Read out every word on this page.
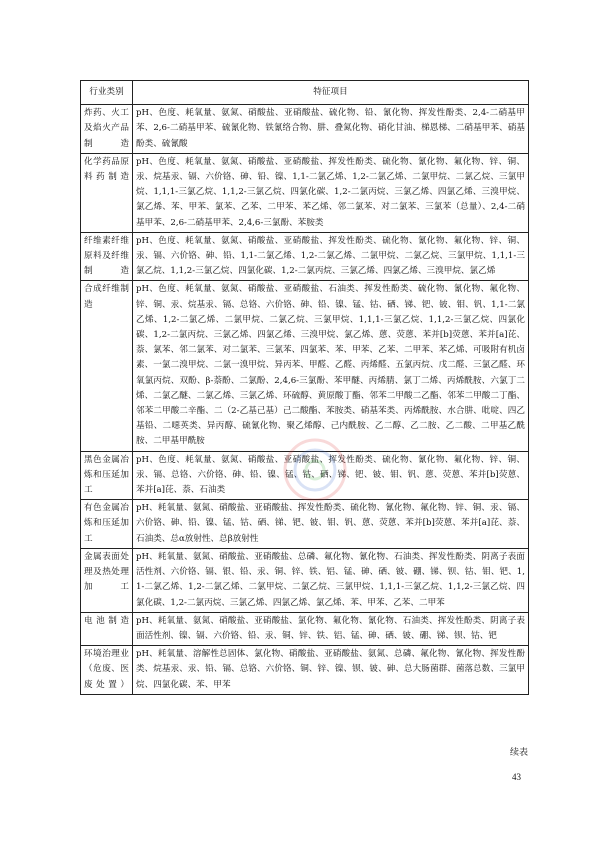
行业类别	特征项目
炸药、火工及焰火产品制造	pH、色度、耗氧量、氨氮、硝酸盐、亚硝酸盐、硫化物、铅、氰化物、挥发性酚类、2,4-二硝基甲苯、2,6-二硝基甲苯、硫氰化物、铁氰络合物、肼、叠氮化物、硝化甘油、梯恩梯、二硝基甲苯、硝基酚类、硫氰酸
化学药品原料药制造	pH、色度、耗氧量、氨氮、硝酸盐、亚硝酸盐、挥发性酚类、硫化物、氰化物、氟化物、锌、铜、汞、烷基汞、镉、六价铬、砷、铅、镍、1,1-二氯乙烯、1,2-二氯乙烯、二氯甲烷、二氯乙烷、三氯甲烷、1,1,1-三氯乙烷、1,1,2-三氯乙烷、四氯化碳、1,2-二氯丙烷、三氯乙烯、四氯乙烯、三溴甲烷、氯乙烯、苯、甲苯、氯苯、乙苯、二甲苯、苯乙烯、邻二氯苯、对二氯苯、三氯苯（总量）、2,4-二硝基甲苯、2,6-二硝基甲苯、2,4,6-三氯酚、苯胺类
纤维素纤维原料及纤维制造	pH、色度、耗氧量、氨氮、硝酸盐、亚硝酸盐、挥发性酚类、硫化物、氰化物、氟化物、锌、铜、汞、镉、六价铬、砷、铅、1,1-二氯乙烯、1,2-二氯乙烯、二氯甲烷、二氯乙烷、三氯甲烷、1,1,1-三氯乙烷、1,1,2-三氯乙烷、四氯化碳、1,2-二氯丙烷、三氯乙烯、四氯乙烯、三溴甲烷、氯乙烯
合成纤维制造	pH、色度、耗氧量、氨氮、硝酸盐、亚硝酸盐、石油类、挥发性酚类、硫化物、氰化物、氟化物、锌、铜、汞、烷基汞、镉、总铬、六价铬、砷、铅、镍、锰、钴、硒、锑、钯、铍、钼、钒、1,1-二氯乙烯、1,2-二氯乙烯、二氯甲烷、二氯乙烷、三氯甲烷、1,1,1-三氯乙烷、1,1,2-三氯乙烷、四氯化碳、1,2-二氯丙烷、三氯乙烯、四氯乙烯、三溴甲烷、氯乙烯、蒽、荧蒽、苯并[b]荧蒽、苯并[a]芘、萘、氯苯、邻二氯苯、对二氯苯、三氯苯、四氯苯、苯、甲苯、乙苯、二甲苯、苯乙烯、可吸附有机卤素、一氯二溴甲烷、二氯一溴甲烷、异丙苯、甲醛、乙醛、丙烯醛、五氯丙烷、戊二醛、三氯乙醛、环氧氯丙烷、双酚、β-萘酚、二氯酚、2,4,6-三氯酚、苯甲醚、丙烯腈、氯丁二烯、丙烯酰胺、六氯丁二烯、二氯乙醚、二氯乙烯、三氯乙烯、环硫醇、黄原酸丁酯、邻苯二甲酸二乙酯、邻苯二甲酸二丁酯、邻苯二甲酸二辛酯、二（2-乙基己基）己二酸酯、苯胺类、硝基苯类、丙烯酰胺、水合肼、吡啶、四乙基铅、二噁英类、异丙醇、硫氰化物、聚乙烯醇、己内酰胺、乙二醇、乙二胺、乙二酸、二甲基乙酰胺、二甲基甲酰胺
黑色金属冶炼和压延加工	pH、色度、耗氧量、氨氮、硝酸盐、亚硝酸盐、挥发性酚类、硫化物、氰化物、氟化物、锌、铜、汞、镉、总铬、六价铬、砷、铅、镍、锰、钴、硒、锑、钯、铍、钼、钒、蒽、荧蒽、苯并[b]荧蒽、苯并[a]芘、萘、石油类
有色金属冶炼和压延加工	pH、耗氧量、氨氮、硝酸盐、亚硝酸盐、挥发性酚类、硫化物、氰化物、氟化物、锌、铜、汞、镉、六价铬、砷、铅、镍、锰、钴、硒、锑、钯、铍、钼、钒、蒽、荧蒽、苯并[b]荧蒽、苯并[a]芘、萘、石油类、总α放射性、总β放射性
金属表面处理及热处理加工	pH、耗氧量、氨氮、硝酸盐、亚硝酸盐、总磷、氟化物、氰化物、石油类、挥发性酚类、阴离子表面活性剂、六价铬、镉、银、铅、汞、铜、锌、铁、铝、锰、砷、硒、铍、硼、锑、钡、钴、钼、钯、1,1-二氯乙烯、1,2-二氯乙烯、二氯甲烷、二氯乙烷、三氯甲烷、1,1,1-三氯乙烷、1,1,2-三氯乙烷、四氯化碳、1,2-二氯丙烷、三氯乙烯、四氯乙烯、氯乙烯、苯、甲苯、乙苯、二甲苯
电池制造	pH、耗氧量、氨氮、硝酸盐、亚硝酸盐、氯化物、氟化物、氰化物、石油类、挥发性酚类、阴离子表面活性剂、镍、镉、六价铬、铅、汞、铜、锌、铁、铝、锰、砷、硒、铍、硼、锑、钡、钴、钯
环境治理业（危废、医废处置）	pH、耗氧量、溶解性总固体、氯化物、硝酸盐、亚硝酸盐、氨氮、总磷、氟化物、氰化物、挥发性酚类、烷基汞、汞、铅、镉、总铬、六价铬、铜、锌、镍、钡、铍、砷、总大肠菌群、菌落总数、三氯甲烷、四氯化碳、苯、甲苯
续表
43
